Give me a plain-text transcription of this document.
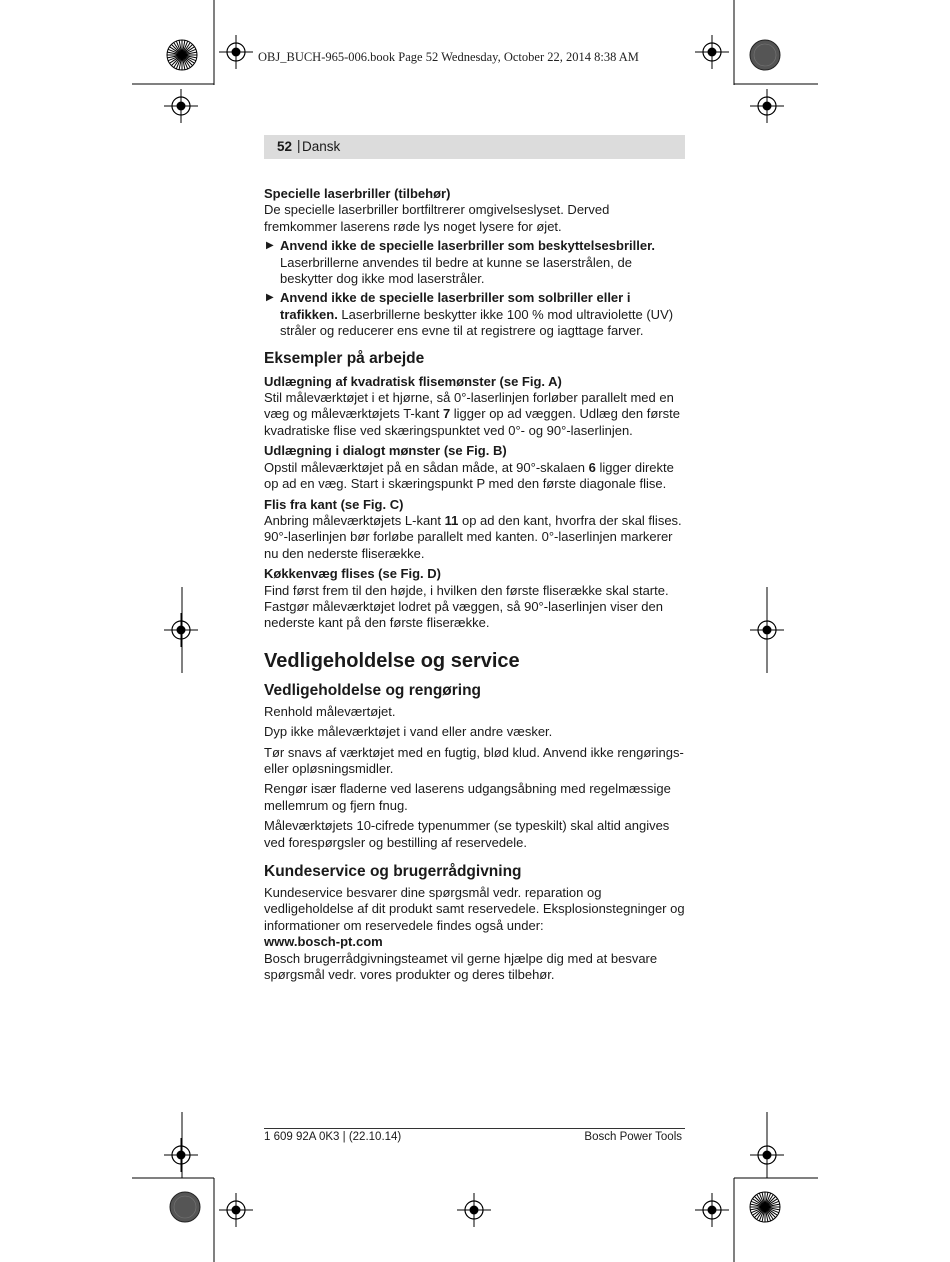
OBJ_BUCH-965-006.book Page 52 Wednesday, October 22, 2014 8:38 AM
52 | Dansk

Specielle laserbriller (tilbehør)

De specielle laserbriller bortfiltrerer omgivelseslyset. Derved fremkommer laserens røde lys noget lysere for øjet.

▶ Anvend ikke de specielle laserbriller som beskyttelsesbriller. Laserbrillerne anvendes til bedre at kunne se laserstrålen, de beskytter dog ikke mod laserstråler.
▶ Anvend ikke de specielle laserbriller som solbriller eller i trafikken. Laserbrillerne beskytter ikke 100 % mod ultraviolette (UV) stråler og reducerer ens evne til at registrere og iagttage farver.

Eksempler på arbejde

Udlægning af kvadratisk flisemønster (se Fig. A)

Stil måleværktøjet i et hjørne, så 0°-laserlinjen forløber parallelt med en væg og måleværktøjets T-kant 7 ligger op ad væggen. Udlæg den første kvadratiske flise ved skæringspunktet ved 0°- og 90°-laserlinjen.

Udlægning i dialogt mønster (se Fig. B)

Opstil måleværktøjet på en sådan måde, at 90°-skalaen 6 ligger direkte op ad en væg. Start i skæringspunkt P med den første diagonale flise.

Flis fra kant (se Fig. C)

Anbring måleværktøjets L-kant 11 op ad den kant, hvorfra der skal flises. 90°-laserlinjen bør forløbe parallelt med kanten. 0°-laserlinjen markerer nu den nederste fliserække.

Køkkenvæg flises (se Fig. D)

Find først frem til den højde, i hvilken den første fliserække skal starte. Fastgør måleværktøjet lodret på væggen, så 90°-laserlinjen viser den nederste kant på den første fliserække.

Vedligeholdelse og service

Vedligeholdelse og rengøring

Renhold måleværtøjet.

Dyp ikke måleværktøjet i vand eller andre væsker.

Tør snavs af værktøjet med en fugtig, blød klud. Anvend ikke rengørings- eller opløsningsmidler.

Rengør især fladerne ved laserens udgangsåbning med regelmæssige mellemrum og fjern fnug.

Måleværktøjets 10-cifrede typenummer (se typeskilt) skal altid angives ved forespørgsler og bestilling af reservedele.

Kundeservice og brugerrådgivning

Kundeservice besvarer dine spørgsmål vedr. reparation og vedligeholdelse af dit produkt samt reservedele. Eksplosionstegninger og informationer om reservedele findes også under:

www.bosch-pt.com

Bosch brugerrådgivningsteamet vil gerne hjælpe dig med at besvare spørgsmål vedr. vores produkter og deres tilbehør.

1 609 92A 0K3 | (22.10.14)	Bosch Power Tools
